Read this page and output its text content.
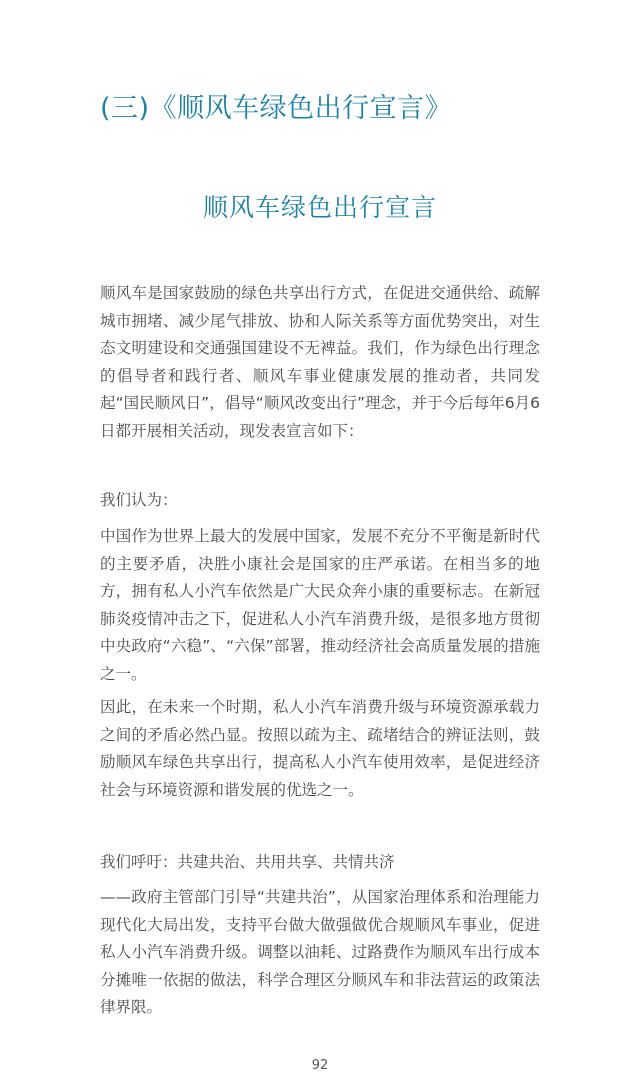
(三)《顺风车绿色出行宣言》
顺风车绿色出行宣言

顺风车是国家鼓励的绿色共享出行方式，在促进交通供给、疏解城市拥堵、减少尾气排放、协和人际关系等方面优势突出，对生态文明建设和交通强国建设不无裨益。我们，作为绿色出行理念的倡导者和践行者、顺风车事业健康发展的推动者，共同发起“国民顺风日”，倡导“顺风改变出行”理念，并于今后每年6月6日都开展相关活动，现发表宣言如下：

我们认为：

中国作为世界上最大的发展中国家，发展不充分不平衡是新时代的主要矛盾，决胜小康社会是国家的庄严承诺。在相当多的地方，拥有私人小汽车依然是广大民众奔小康的重要标志。在新冠肺炎疫情冲击之下，促进私人小汽车消费升级，是很多地方贯彻中央政府“六稳”、“六保”部署，推动经济社会高质量发展的措施之一。

因此，在未来一个时期，私人小汽车消费升级与环境资源承载力之间的矛盾必然凸显。按照以疏为主、疏堵结合的辨证法则，鼓励顺风车绿色共享出行，提高私人小汽车使用效率，是促进经济社会与环境资源和谐发展的优选之一。

我们呼吁：共建共治、共用共享、共情共济

——政府主管部门引导“共建共治”，从国家治理体系和治理能力现代化大局出发，支持平台做大做强做优合规顺风车事业，促进私人小汽车消费升级。调整以油耗、过路费作为顺风车出行成本分摊唯一依据的做法，科学合理区分顺风车和非法营运的政策法律界限。

92
